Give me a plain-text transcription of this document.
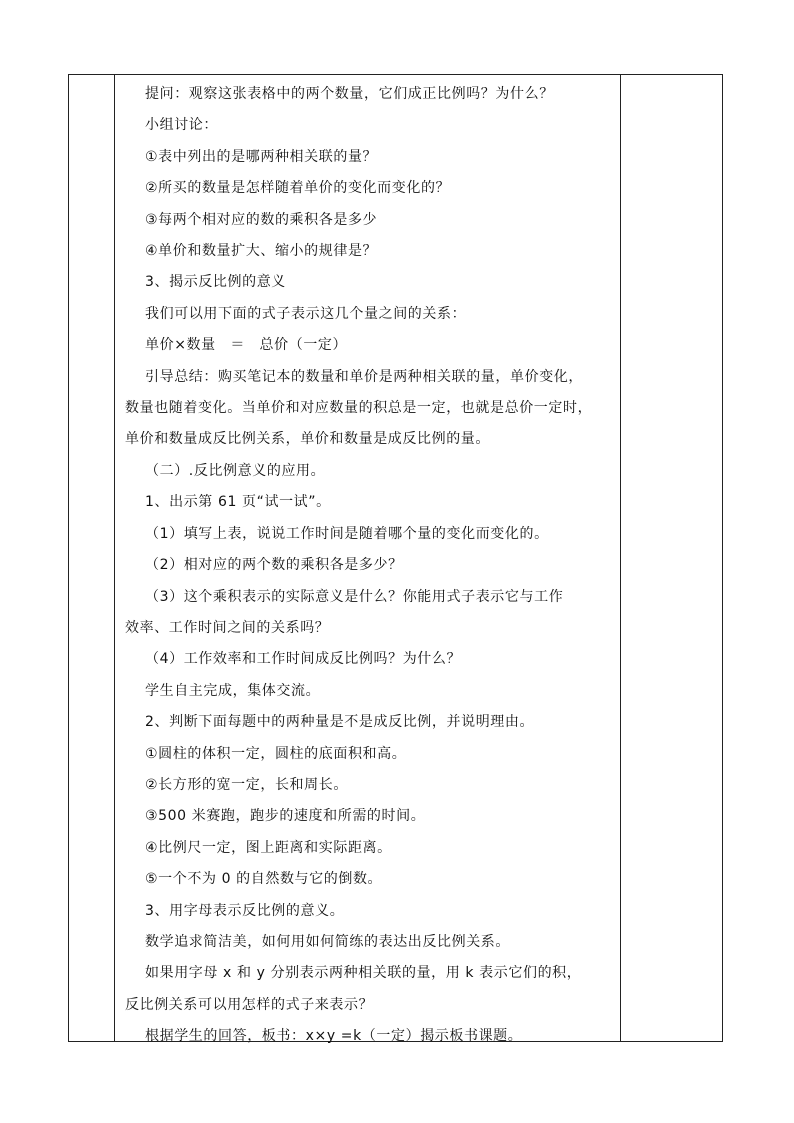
提问：观察这张表格中的两个数量，它们成正比例吗？为什么？
小组讨论：
①表中列出的是哪两种相关联的量？
②所买的数量是怎样随着单价的变化而变化的？
③每两个相对应的数的乘积各是多少
④单价和数量扩大、缩小的规律是？
3、揭示反比例的意义
我们可以用下面的式子表示这几个量之间的关系：
单价×数量　＝　总价（一定）
引导总结：购买笔记本的数量和单价是两种相关联的量，单价变化，
数量也随着变化。当单价和对应数量的积总是一定，也就是总价一定时，
单价和数量成反比例关系，单价和数量是成反比例的量。
（二）.反比例意义的应用。
1、出示第 61 页“试一试”。
（1）填写上表，说说工作时间是随着哪个量的变化而变化的。
（2）相对应的两个数的乘积各是多少？
（3）这个乘积表示的实际意义是什么？你能用式子表示它与工作
效率、工作时间之间的关系吗？
（4）工作效率和工作时间成反比例吗？为什么？
学生自主完成，集体交流。
2、判断下面每题中的两种量是不是成反比例，并说明理由。
①圆柱的体积一定，圆柱的底面积和高。
②长方形的宽一定，长和周长。
③500 米赛跑，跑步的速度和所需的时间。
④比例尺一定，图上距离和实际距离。
⑤一个不为 0 的自然数与它的倒数。
3、用字母表示反比例的意义。
数学追求简洁美，如何用如何简练的表达出反比例关系。
如果用字母 x 和 y 分别表示两种相关联的量，用 k 表示它们的积，
反比例关系可以用怎样的式子来表示？
根据学生的回答，板书：x×y =k（一定）揭示板书课题。
